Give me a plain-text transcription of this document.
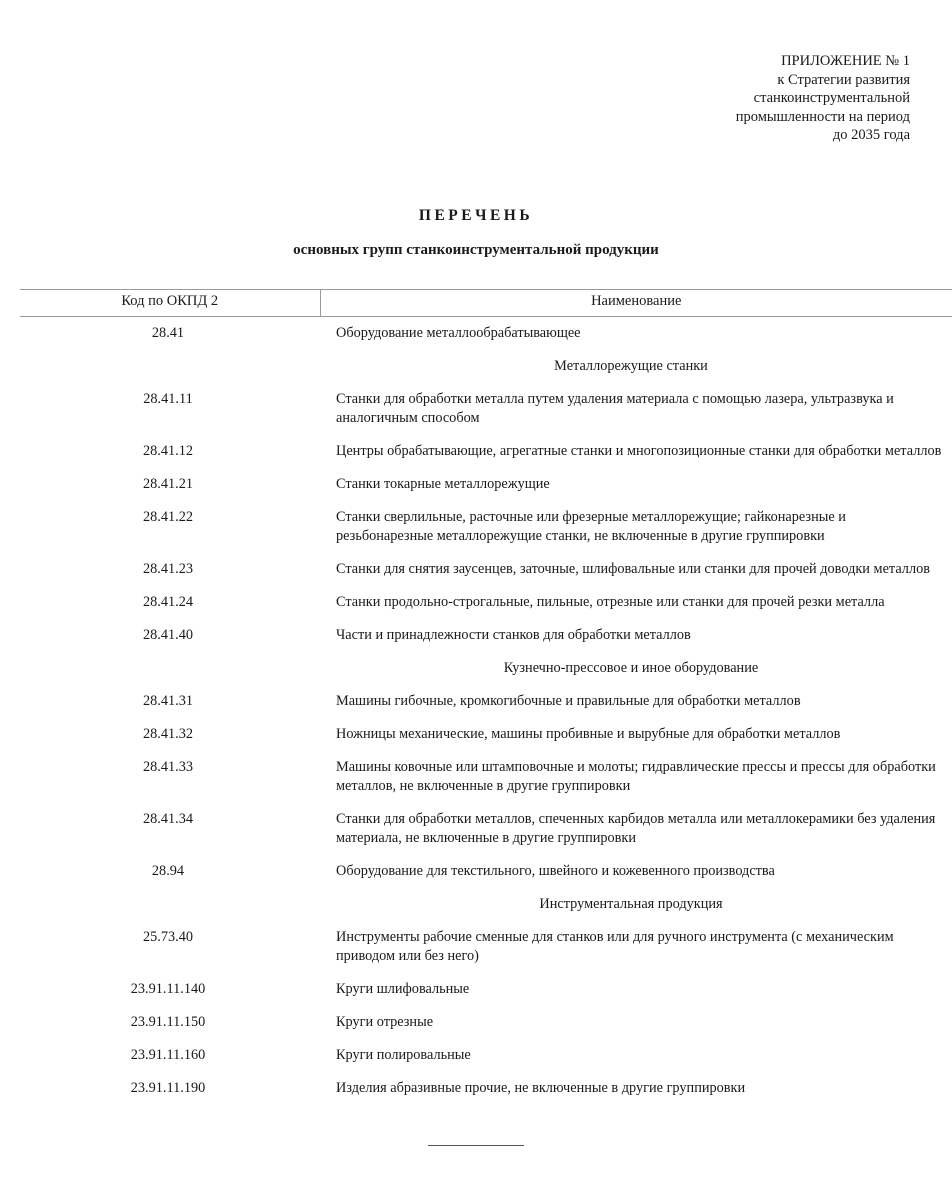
ПРИЛОЖЕНИЕ № 1
к Стратегии развития
станкоинструментальной
промышленности на период
до 2035 года
ПЕРЕЧЕНЬ
основных групп станкоинструментальной продукции
Код по ОКПД 2	Наименование
28.41	Оборудование металлообрабатывающее
	Металлорежущие станки
28.41.11	Станки для обработки металла путем удаления материала с помощью лазера, ультразвука и аналогичным способом
28.41.12	Центры обрабатывающие, агрегатные станки и многопозиционные станки для обработки металлов
28.41.21	Станки токарные металлорежущие
28.41.22	Станки сверлильные, расточные или фрезерные металлорежущие; гайконарезные и резьбонарезные металлорежущие станки, не включенные в другие группировки
28.41.23	Станки для снятия заусенцев, заточные, шлифовальные или станки для прочей доводки металлов
28.41.24	Станки продольно-строгальные, пильные, отрезные или станки для прочей резки металла
28.41.40	Части и принадлежности станков для обработки металлов
	Кузнечно-прессовое и иное оборудование
28.41.31	Машины гибочные, кромкогибочные и правильные для обработки металлов
28.41.32	Ножницы механические, машины пробивные и вырубные для обработки металлов
28.41.33	Машины ковочные или штамповочные и молоты; гидравлические прессы и прессы для обработки металлов, не включенные в другие группировки
28.41.34	Станки для обработки металлов, спеченных карбидов металла или металлокерамики без удаления материала, не включенные в другие группировки
28.94	Оборудование для текстильного, швейного и кожевенного производства
	Инструментальная продукция
25.73.40	Инструменты рабочие сменные для станков или для ручного инструмента (с механическим приводом или без него)
23.91.11.140	Круги шлифовальные
23.91.11.150	Круги отрезные
23.91.11.160	Круги полировальные
23.91.11.190	Изделия абразивные прочие, не включенные в другие группировки
